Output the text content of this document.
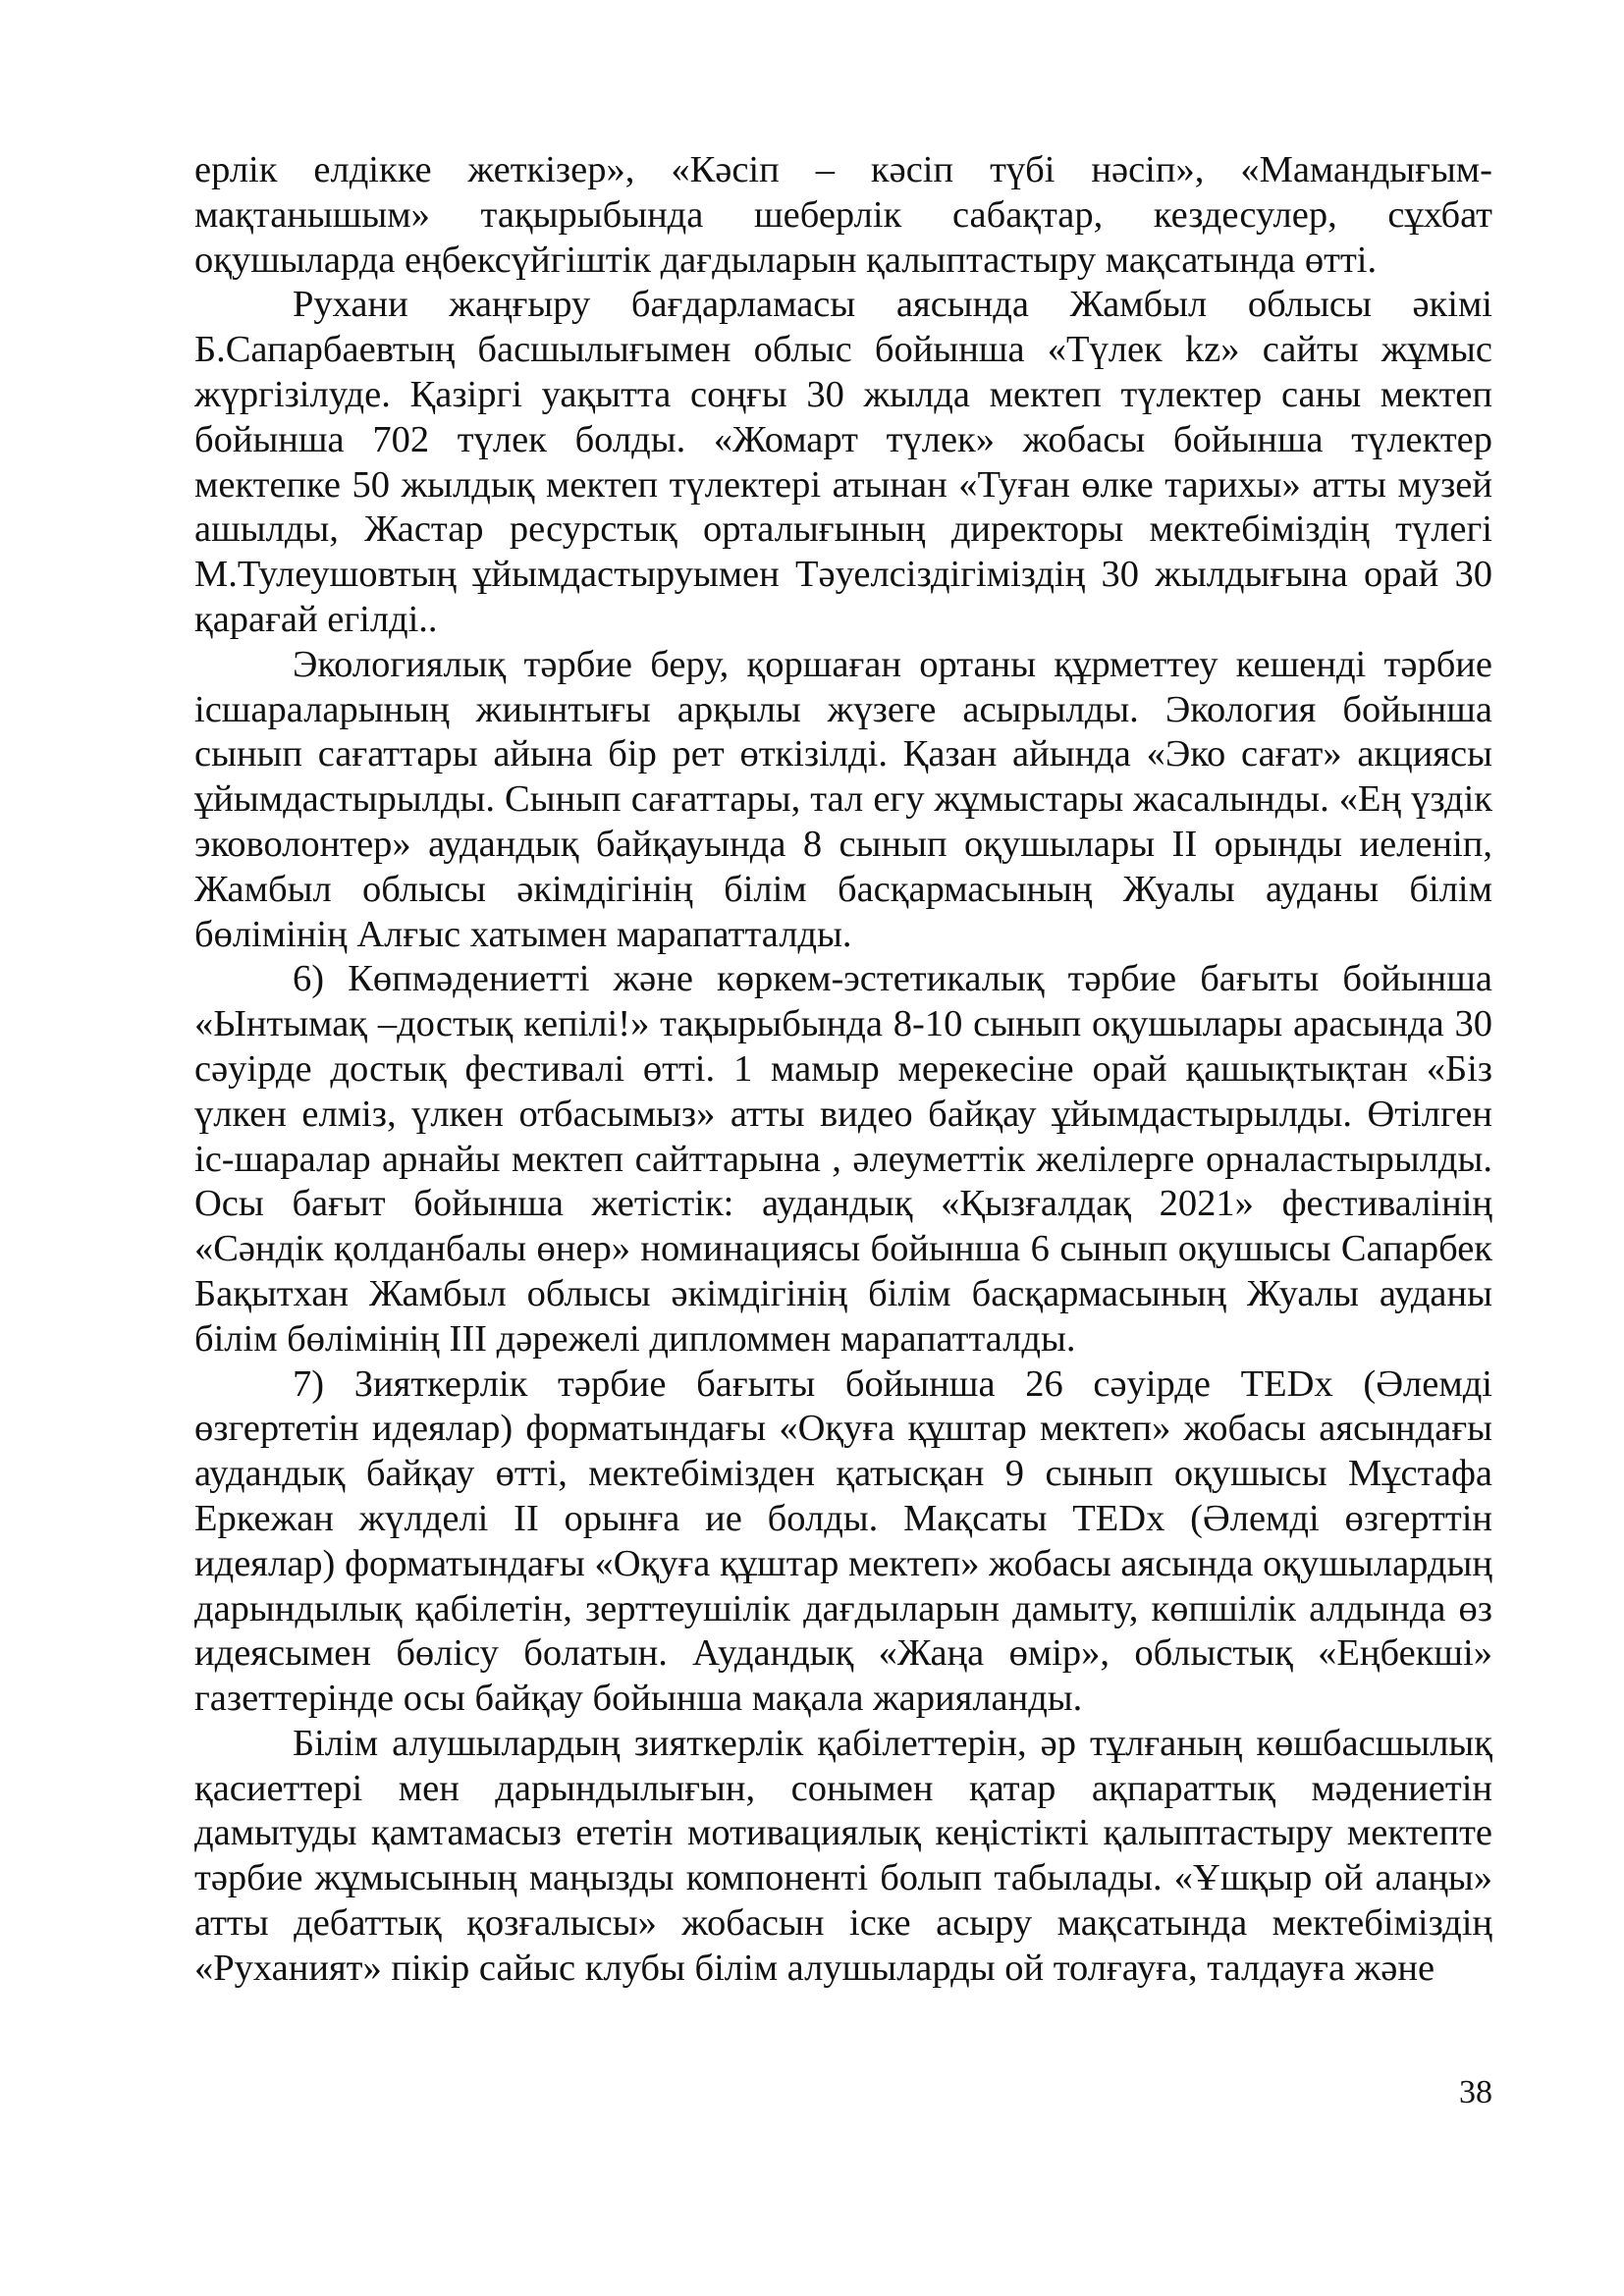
ерлік елдікке жеткізер», «Кәсіп – кәсіп түбі нәсіп», «Мамандығым-мақтанышым» тақырыбында шеберлік сабақтар, кездесулер, сұхбат оқушыларда еңбексүйгіштік дағдыларын қалыптастыру мақсатында өтті.

Рухани жаңғыру бағдарламасы аясында Жамбыл облысы әкімі Б.Сапарбаевтың басшылығымен облыс бойынша «Түлек kz» сайты жұмыс жүргізілуде. Қазіргі уақытта соңғы 30 жылда мектеп түлектер саны мектеп бойынша 702 түлек болды. «Жомарт түлек» жобасы бойынша түлектер мектепке 50 жылдық мектеп түлектері атынан «Туған өлке тарихы» атты музей ашылды, Жастар ресурстық орталығының директоры мектебіміздің түлегі М.Тулеушовтың ұйымдастыруымен Тәуелсіздігіміздің 30 жылдығына орай 30 қарағай егілді..

Экологиялық тәрбие беру, қоршаған ортаны құрметтеу кешенді тәрбие ісшараларының жиынтығы арқылы жүзеге асырылды. Экология бойынша сынып сағаттары айына бір рет өткізілді. Қазан айында «Эко сағат» акциясы ұйымдастырылды. Сынып сағаттары, тал егу жұмыстары жасалынды. «Ең үздік эковолонтер» аудандық байқауында 8 сынып оқушылары ІІ орынды иеленіп, Жамбыл облысы әкімдігінің білім басқармасының Жуалы ауданы білім бөлімінің Алғыс хатымен марапатталды.

6) Көпмәдениетті және көркем-эстетикалық тәрбие бағыты бойынша «Ынтымақ –достық кепілі!» тақырыбында 8-10 сынып оқушылары арасында 30 сәуірде достық фестивалі өтті. 1 мамыр мерекесіне орай қашықтықтан «Біз үлкен елміз, үлкен отбасымыз» атты видео байқау ұйымдастырылды. Өтілген іс-шаралар арнайы мектеп сайттарына , әлеуметтік желілерге орналастырылды. Осы бағыт бойынша жетістік: аудандық «Қызғалдақ 2021» фестивалінің «Сәндік қолданбалы өнер» номинациясы бойынша 6 сынып оқушысы Сапарбек Бақытхан Жамбыл облысы әкімдігінің білім басқармасының Жуалы ауданы білім бөлімінің ІІІ дәрежелі дипломмен марапатталды.

7) Зияткерлік тәрбие бағыты бойынша 26 сәуірде TEDx (Әлемді өзгертетін идеялар) форматындағы «Оқуға құштар мектеп» жобасы аясындағы аудандық байқау өтті, мектебімізден қатысқан 9 сынып оқушысы Мұстафа Еркежан жүлделі ІІ орынға ие болды. Мақсаты TEDx (Әлемді өзгерттін идеялар) форматындағы «Оқуға құштар мектеп» жобасы аясында оқушылардың дарындылық қабілетін, зерттеушілік дағдыларын дамыту, көпшілік алдында өз идеясымен бөлісу болатын. Аудандық «Жаңа өмір», облыстық «Еңбекші» газеттерінде осы байқау бойынша мақала жарияланды.

Білім алушылардың зияткерлік қабілеттерін, әр тұлғаның көшбасшылық қасиеттері мен дарындылығын, сонымен қатар ақпараттық мәдениетін дамытуды қамтамасыз ететін мотивациялық кеңістікті қалыптастыру мектепте тәрбие жұмысының маңызды компоненті болып табылады. «Ұшқыр ой алаңы» атты дебаттық қозғалысы» жобасын іске асыру мақсатында мектебіміздің «Руханият» пікір сайыс клубы білім алушыларды ой толғауға, талдауға және

38
